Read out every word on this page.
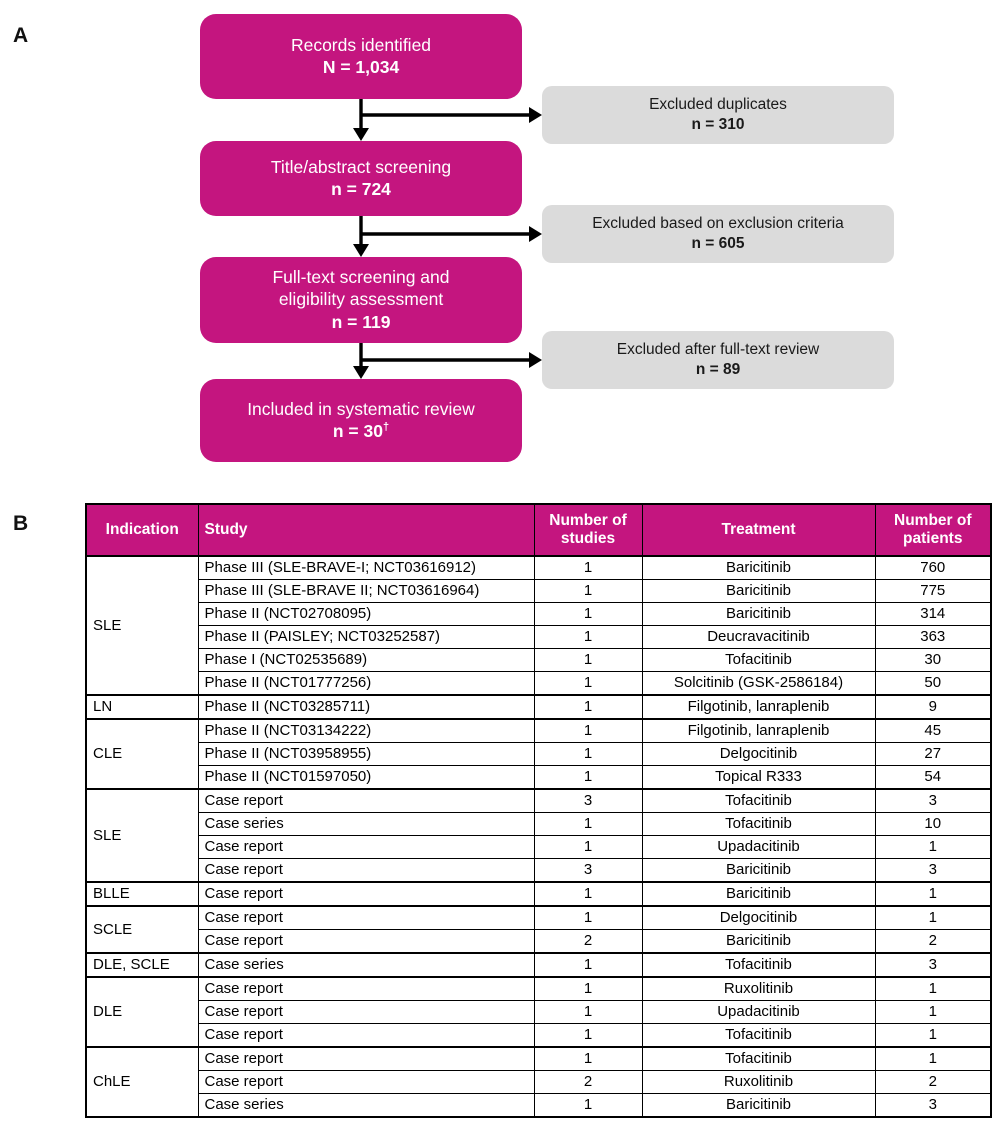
A	Records identified
N = 1,034
Title/abstract screening
n = 724
Full-text screening and
eligibility assessment
n = 119
Included in systematic review
n = 30†
Excluded duplicates
n = 310
Excluded based on exclusion criteria
n = 605
Excluded after full-text review
n = 89
B	Indication	Study	Number of studies	Treatment	Number of patients
SLE	Phase III (SLE-BRAVE-I; NCT03616912)	1	Baricitinib	760
	Phase III (SLE-BRAVE II; NCT03616964)	1	Baricitinib	775
	Phase II (NCT02708095)	1	Baricitinib	314
	Phase II (PAISLEY; NCT03252587)	1	Deucravacitinib	363
	Phase I (NCT02535689)	1	Tofacitinib	30
	Phase II (NCT01777256)	1	Solcitinib (GSK-2586184)	50
LN	Phase II (NCT03285711)	1	Filgotinib, lanraplenib	9
CLE	Phase II (NCT03134222)	1	Filgotinib, lanraplenib	45
	Phase II (NCT03958955)	1	Delgocitinib	27
	Phase II (NCT01597050)	1	Topical R333	54
SLE	Case report	3	Tofacitinib	3
	Case series	1	Tofacitinib	10
	Case report	1	Upadacitinib	1
	Case report	3	Baricitinib	3
BLLE	Case report	1	Baricitinib	1
SCLE	Case report	1	Delgocitinib	1
	Case report	2	Baricitinib	2
DLE, SCLE	Case series	1	Tofacitinib	3
DLE	Case report	1	Ruxolitinib	1
	Case report	1	Upadacitinib	1
	Case report	1	Tofacitinib	1
ChLE	Case report	1	Tofacitinib	1
	Case report	2	Ruxolitinib	2
	Case series	1	Baricitinib	3
